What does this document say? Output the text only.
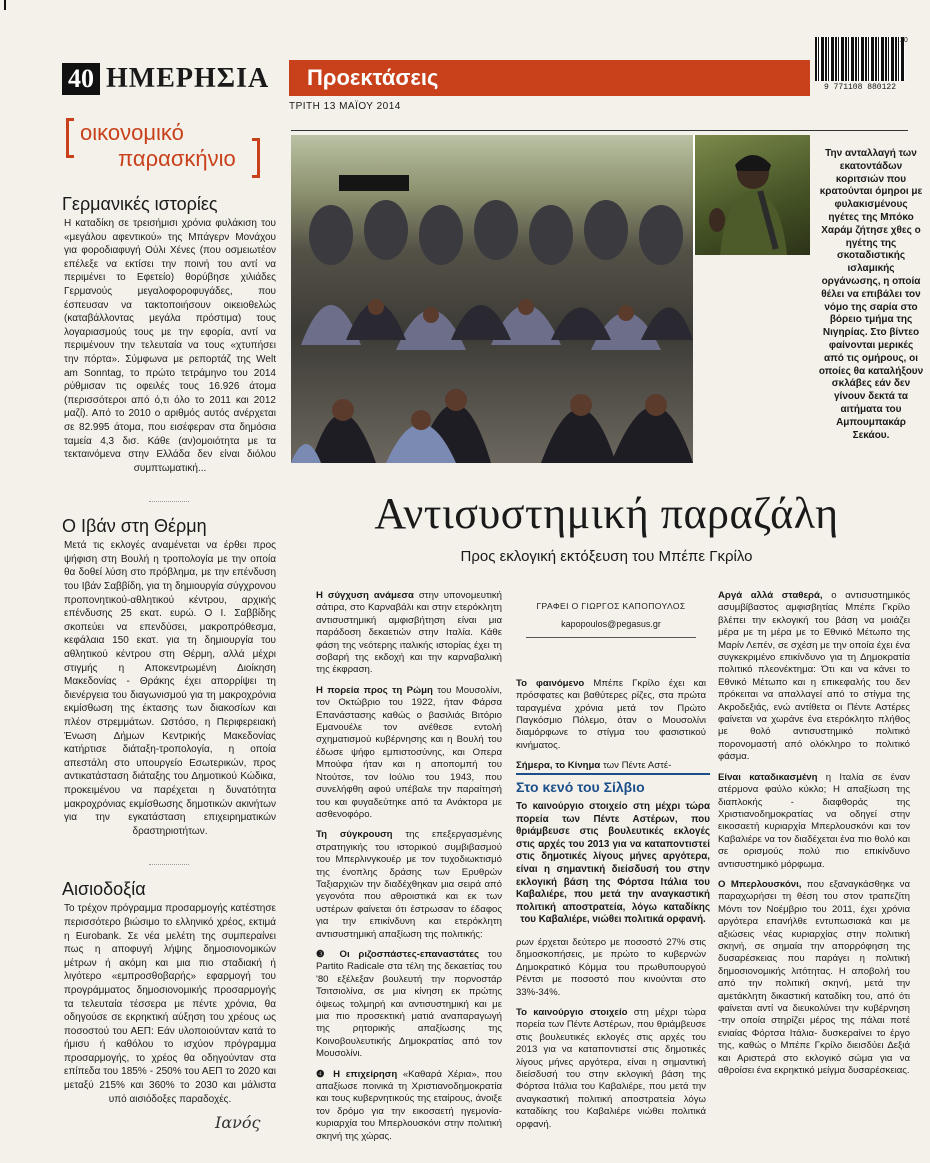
40 ΗΜΕΡΗΣΙΑ	Προεκτάσεις
ΤΡΙΤΗ 13 ΜΑΪΟΥ 2014
9 771108 880122
20
οικονομικό
παρασκήνιο
Γερμανικές ιστορίες
Η καταδίκη σε τρεισήμισι χρόνια φυλάκιση του «μεγάλου αφεντικού» της Μπάγερν Μονάχου για φοροδιαφυγή Ούλι Χένες (που οσμειωτέον επέλεξε να εκτίσει την ποινή του αντί να περιμένει το Εφετείο) θορύβησε χιλιάδες Γερμανούς μεγαλοφοροφυγάδες, που έσπευσαν να τακτοποιήσουν οικειοθελώς (καταβάλλοντας μεγάλα πρόστιμα) τους λογαριασμούς τους με την εφορία, αντί να περιμένουν την τελευταία να τους «χτυπήσει την πόρτα». Σύμφωνα με ρεπορτάζ της Welt am Sonntag, το πρώτο τετράμηνο του 2014 ρύθμισαν τις οφειλές τους 16.926 άτομα (περισσότεροι από ό,τι όλο το 2011 και 2012 μαζί). Από το 2010 ο αριθμός αυτός ανέρχεται σε 82.995 άτομα, που εισέφεραν στα δημόσια ταμεία 4,3 δισ. Κάθε (αν)ομοιότητα με τα τεκταινόμενα στην Ελλάδα δεν είναι διόλου συμπτωματική...
Ο Ιβάν στη Θέρμη
Μετά τις εκλογές αναμένεται να έρθει προς ψήφιση στη Βουλή η τροπολογία με την οποία θα δοθεί λύση στο πρόβλημα, με την επένδυση του Ιβάν Σαββίδη, για τη δημιουργία σύγχρονου προπονητικού-αθλητικού κέντρου, αρχικής επένδυσης 25 εκατ. ευρώ. Ο Ι. Σαββίδης σκοπεύει να επενδύσει, μακροπρόθεσμα, κεφάλαια 150 εκατ. για τη δημιουργία του αθλητικού κέντρου στη Θέρμη, αλλά μέχρι στιγμής η Αποκεντρωμένη Διοίκηση Μακεδονίας - Θράκης έχει απορρίψει τη διενέργεια του διαγωνισμού για τη μακροχρόνια εκμίσθωση της έκτασης των διακοσίων και πλέον στρεμμάτων. Ωστόσο, η Περιφερειακή Ένωση Δήμων Κεντρικής Μακεδονίας κατήρτισε διάταξη-τροπολογία, η οποία απεστάλη στο υπουργείο Εσωτερικών, προς αντικατάσταση διάταξης του Δημοτικού Κώδικα, προκειμένου να παρέχεται η δυνατότητα μακροχρόνιας εκμίσθωσης δημοτικών ακινήτων για την εγκατάσταση επιχειρηματικών δραστηριοτήτων.
Αισιοδοξία
Το τρέχον πρόγραμμα προσαρμογής κατέστησε περισσότερο βιώσιμο το ελληνικό χρέος, εκτιμά η Eurobank. Σε νέα μελέτη της συμπεραίνει πως η αποφυγή λήψης δημοσιονομικών μέτρων ή ακόμη και μια πιο σταδιακή ή λιγότερο «εμπροσθοβαρής» εφαρμογή του προγράμματος δημοσιονομικής προσαρμογής τα τελευταία τέσσερα με πέντε χρόνια, θα οδηγούσε σε εκρηκτική αύξηση του χρέους ως ποσοστού του ΑΕΠ: Εάν υλοποιούνταν κατά το ήμισυ ή καθόλου το ισχύον πρόγραμμα προσαρμογής, το χρέος θα οδηγούνταν στα επίπεδα του 185% - 250% του ΑΕΠ το 2020 και μεταξύ 215% και 360% το 2030 και μάλιστα υπό αισιόδοξες παραδοχές.
Ιανός
Την ανταλλαγή των εκατοντάδων κοριτσιών που κρατούνται όμηροι με φυλακισμένους ηγέτες της Μπόκο Χαράμ ζήτησε χθες ο ηγέτης της σκοταδιστικής ισλαμικής οργάνωσης, η οποία θέλει να επιβάλει τον νόμο της σαρία στο βόρειο τμήμα της Νιγηρίας. Στο βίντεο φαίνονται μερικές από τις ομήρους, οι οποίες θα καταλήξουν σκλάβες εάν δεν γίνουν δεκτά τα αιτήματα του Αμπουμπακάρ Σεκάου.
Αντισυστημική παραζάλη
Προς εκλογική εκτόξευση του Μπέπε Γκρίλο

Η σύγχυση ανάμεσα στην υπονομευτική σάτιρα, στο Καρναβάλι και στην ετερόκλητη αντισυστημική αμφισβήτηση είναι μια παράδοση δεκαετιών στην Ιταλία. Κάθε φάση της νεότερης ιταλικής ιστορίας έχει τη σοβαρή της εκδοχή και την καρναβαλική της έκφραση.

Η πορεία προς τη Ρώμη του Μουσολίνι, τον Οκτώβριο του 1922, ήταν Φάρσα Επανάστασης καθώς ο βασιλιάς Βιτόριο Εμανουέλε τον ανέθεσε εντολή σχηματισμού κυβέρνησης και η Βουλή του έδωσε ψήφο εμπιστοσύνης, και Οπερα Μπούφα ήταν και η αποπομπή του Ντούτσε, τον Ιούλιο του 1943, που συνελήφθη αφού υπέβαλε την παραίτησή του και φυγαδεύτηκε από τα Ανάκτορα με ασθενοφόρο.

Τη σύγκρουση της επεξεργασμένης στρατηγικής του ιστορικού συμβιβασμού του Μπερλινγκουέρ με τον τυχοδιωκτισμό της ένοπλης δράσης των Ερυθρών Ταξιαρχιών την διαδέχθηκαν μια σειρά από γεγονότα που αθροιστικά και εκ των υστέρων φαίνεται ότι έστρωσαν το έδαφος για την επικίνδυνη και ετερόκλητη αντισυστημική απαξίωση της πολιτικής:

❸ Οι ριζοσπάστες-επαναστάτες του Partito Radicale στα τέλη της δεκαετίας του '80 εξέλεξαν βουλευτή την πορνοστάρ Τσιτσιολίνα, σε μια κίνηση εκ πρώτης όψεως τολμηρή και αντισυστημική και με μια πιο προσεκτική ματιά αναπαραγωγή της ρητορικής απαξίωσης της Κοινοβουλευτικής Δημοκρατίας από τον Μουσολίνι.

❹ Η επιχείρηση «Καθαρά Χέρια», που απαξίωσε ποινικά τη Χριστιανοδημοκρατία και τους κυβερνητικούς της εταίρους, άνοιξε τον δρόμο για την εικοσαετή ηγεμονία-κυριαρχία του Μπερλουσκόνι στην πολιτική σκηνή της χώρας.

ΓΡΑΦΕΙ Ο ΓΙΩΡΓΟΣ ΚΑΠΟΠΟΥΛΟΣ
kapopoulos@pegasus.gr

Το φαινόμενο Μπέπε Γκρίλο έχει και πρόσφατες και βαθύτερες ρίζες, στα πρώτα ταραγμένα χρόνια μετά τον Πρώτο Παγκόσμιο Πόλεμο, όταν ο Μουσολίνι διαμόρφωνε το στίγμα του φασιστικού κινήματος.

Σήμερα, το Κίνημα των Πέντε Αστέ-

Στο κενό του Σίλβιο
Το καινούργιο στοιχείο στη μέχρι τώρα πορεία των Πέντε Αστέρων, που θριάμβευσε στις βουλευτικές εκλογές στις αρχές του 2013 για να καταποντιστεί στις δημοτικές λίγους μήνες αργότερα, είναι η σημαντική διείσδυσή του στην εκλογική βάση της Φόρτσα Ιτάλια του Καβαλιέρε, που μετά την αναγκαστική πολιτική αποστρατεία, λόγω καταδίκης του Καβαλιέρε, νιώθει πολιτικά ορφανή.

ρων έρχεται δεύτερο με ποσοστό 27% στις δημοσκοπήσεις, με πρώτο το κυβερνών Δημοκρατικό Κόμμα του πρωθυπουργού Ρέντσι με ποσοστό που κινούνται στο 33%-34%.

Το καινούργιο στοιχείο στη μέχρι τώρα πορεία των Πέντε Αστέρων, που θριάμβευσε στις βουλευτικές εκλογές στις αρχές του 2013 για να καταποντιστεί στις δημοτικές λίγους μήνες αργότερα, είναι η σημαντική διείσδυσή του στην εκλογική βάση της Φόρτσα Ιτάλια του Καβαλιέρε, που μετά την αναγκαστική πολιτική αποστρατεία λόγω καταδίκης του Καβαλιέρε νιώθει πολιτικά ορφανή.

Αργά αλλά σταθερά, ο αντισυστημικός ασυμβίβαστος αμφισβητίας Μπέπε Γκρίλο βλέπει την εκλογική του βάση να μοιάζει μέρα με τη μέρα με το Εθνικό Μέτωπο της Μαρίν Λεπέν, σε σχέση με την οποία έχει ένα συγκεκριμένο επικίνδυνο για τη Δημοκρατία πολιτικό πλεονέκτημα: Ότι και να κάνει το Εθνικό Μέτωπο και η επικεφαλής του δεν πρόκειται να απαλλαγεί από το στίγμα της Ακροδεξιάς, ενώ αντίθετα οι Πέντε Αστέρες φαίνεται να χωράνε ένα ετερόκλητο πλήθος με θολό αντισυστημικό πολιτικό πορονομαστή από ολόκληρο το πολιτικό φάσμα.

Είναι καταδικασμένη η Ιταλία σε έναν ατέρμονα φαύλο κύκλο; Η απαξίωση της διαπλοκής - διαφθοράς της Χριστιανοδημοκρατίας να οδηγεί στην εικοσαετή κυριαρχία Μπερλουσκόνι και τον Καβαλιέρε να τον διαδέχεται ένα πιο θολό και σε ορισμούς πολύ πιο επικίνδυνο αντισυστημικό μόρφωμα.

Ο Μπερλουσκόνι, που εξαναγκάσθηκε να παραχωρήσει τη θέση του στον τραπεζίτη Μόντι τον Νοέμβριο του 2011, έχει χρόνια αργότερα επανήλθε εντυπωσιακά και με αξιώσεις νέας κυριαρχίας στην πολιτική σκηνή, σε σημαία την απορρόφηση της δυσαρέσκειας που παράγει η πολιτική δημοσιονομικής λιτότητας. Η αποβολή του από την πολιτική σκηνή, μετά την αμετάκλητη δικαστική καταδίκη του, από ότι φαίνεται αντί να διευκολύνει την κυβέρνηση -την οποία στηρίζει μέρος της πάλαι ποτέ ενιαίας Φόρτσα Ιτάλια- δυσκεραίνει το έργο της, καθώς ο Μπέπε Γκρίλο διεισδύει Δεξιά και Αριστερά στο εκλογικό σώμα για να αθροίσει ένα εκρηκτικό μείγμα δυσαρέσκειας.
